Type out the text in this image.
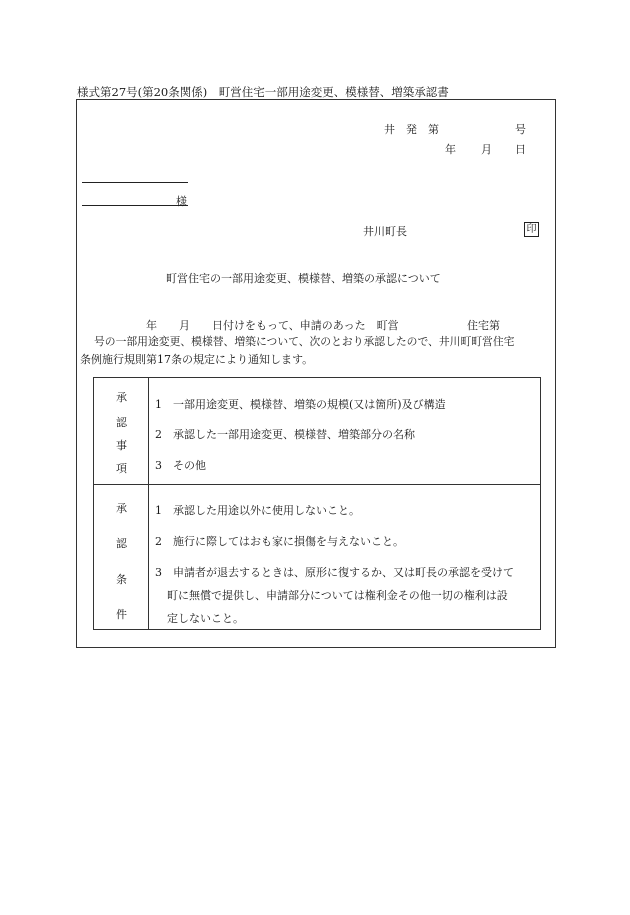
様式第27号(第20条関係)　町営住宅一部用途変更、模様替、増築承認書
井　発　第	号
年 月 日
様
井川町長	印
町営住宅の一部用途変更、模様替、増築の承認について
年 月 日付けをもって、申請のあった　町営	住宅第
号の一部用途変更、模様替、増築について、次のとおり承認したので、井川町町営住宅
条例施行規則第17条の規定により通知します。
承
認
事
項
1　一部用途変更、模様替、増築の規模(又は箇所)及び構造
2　承認した一部用途変更、模様替、増築部分の名称
3　その他
承
認
条
件
1　承認した用途以外に使用しないこと。
2　施行に際してはおも家に損傷を与えないこと。
3　申請者が退去するときは、原形に復するか、又は町長の承認を受けて
町に無償で提供し、申請部分については権利金その他一切の権利は設
定しないこと。
